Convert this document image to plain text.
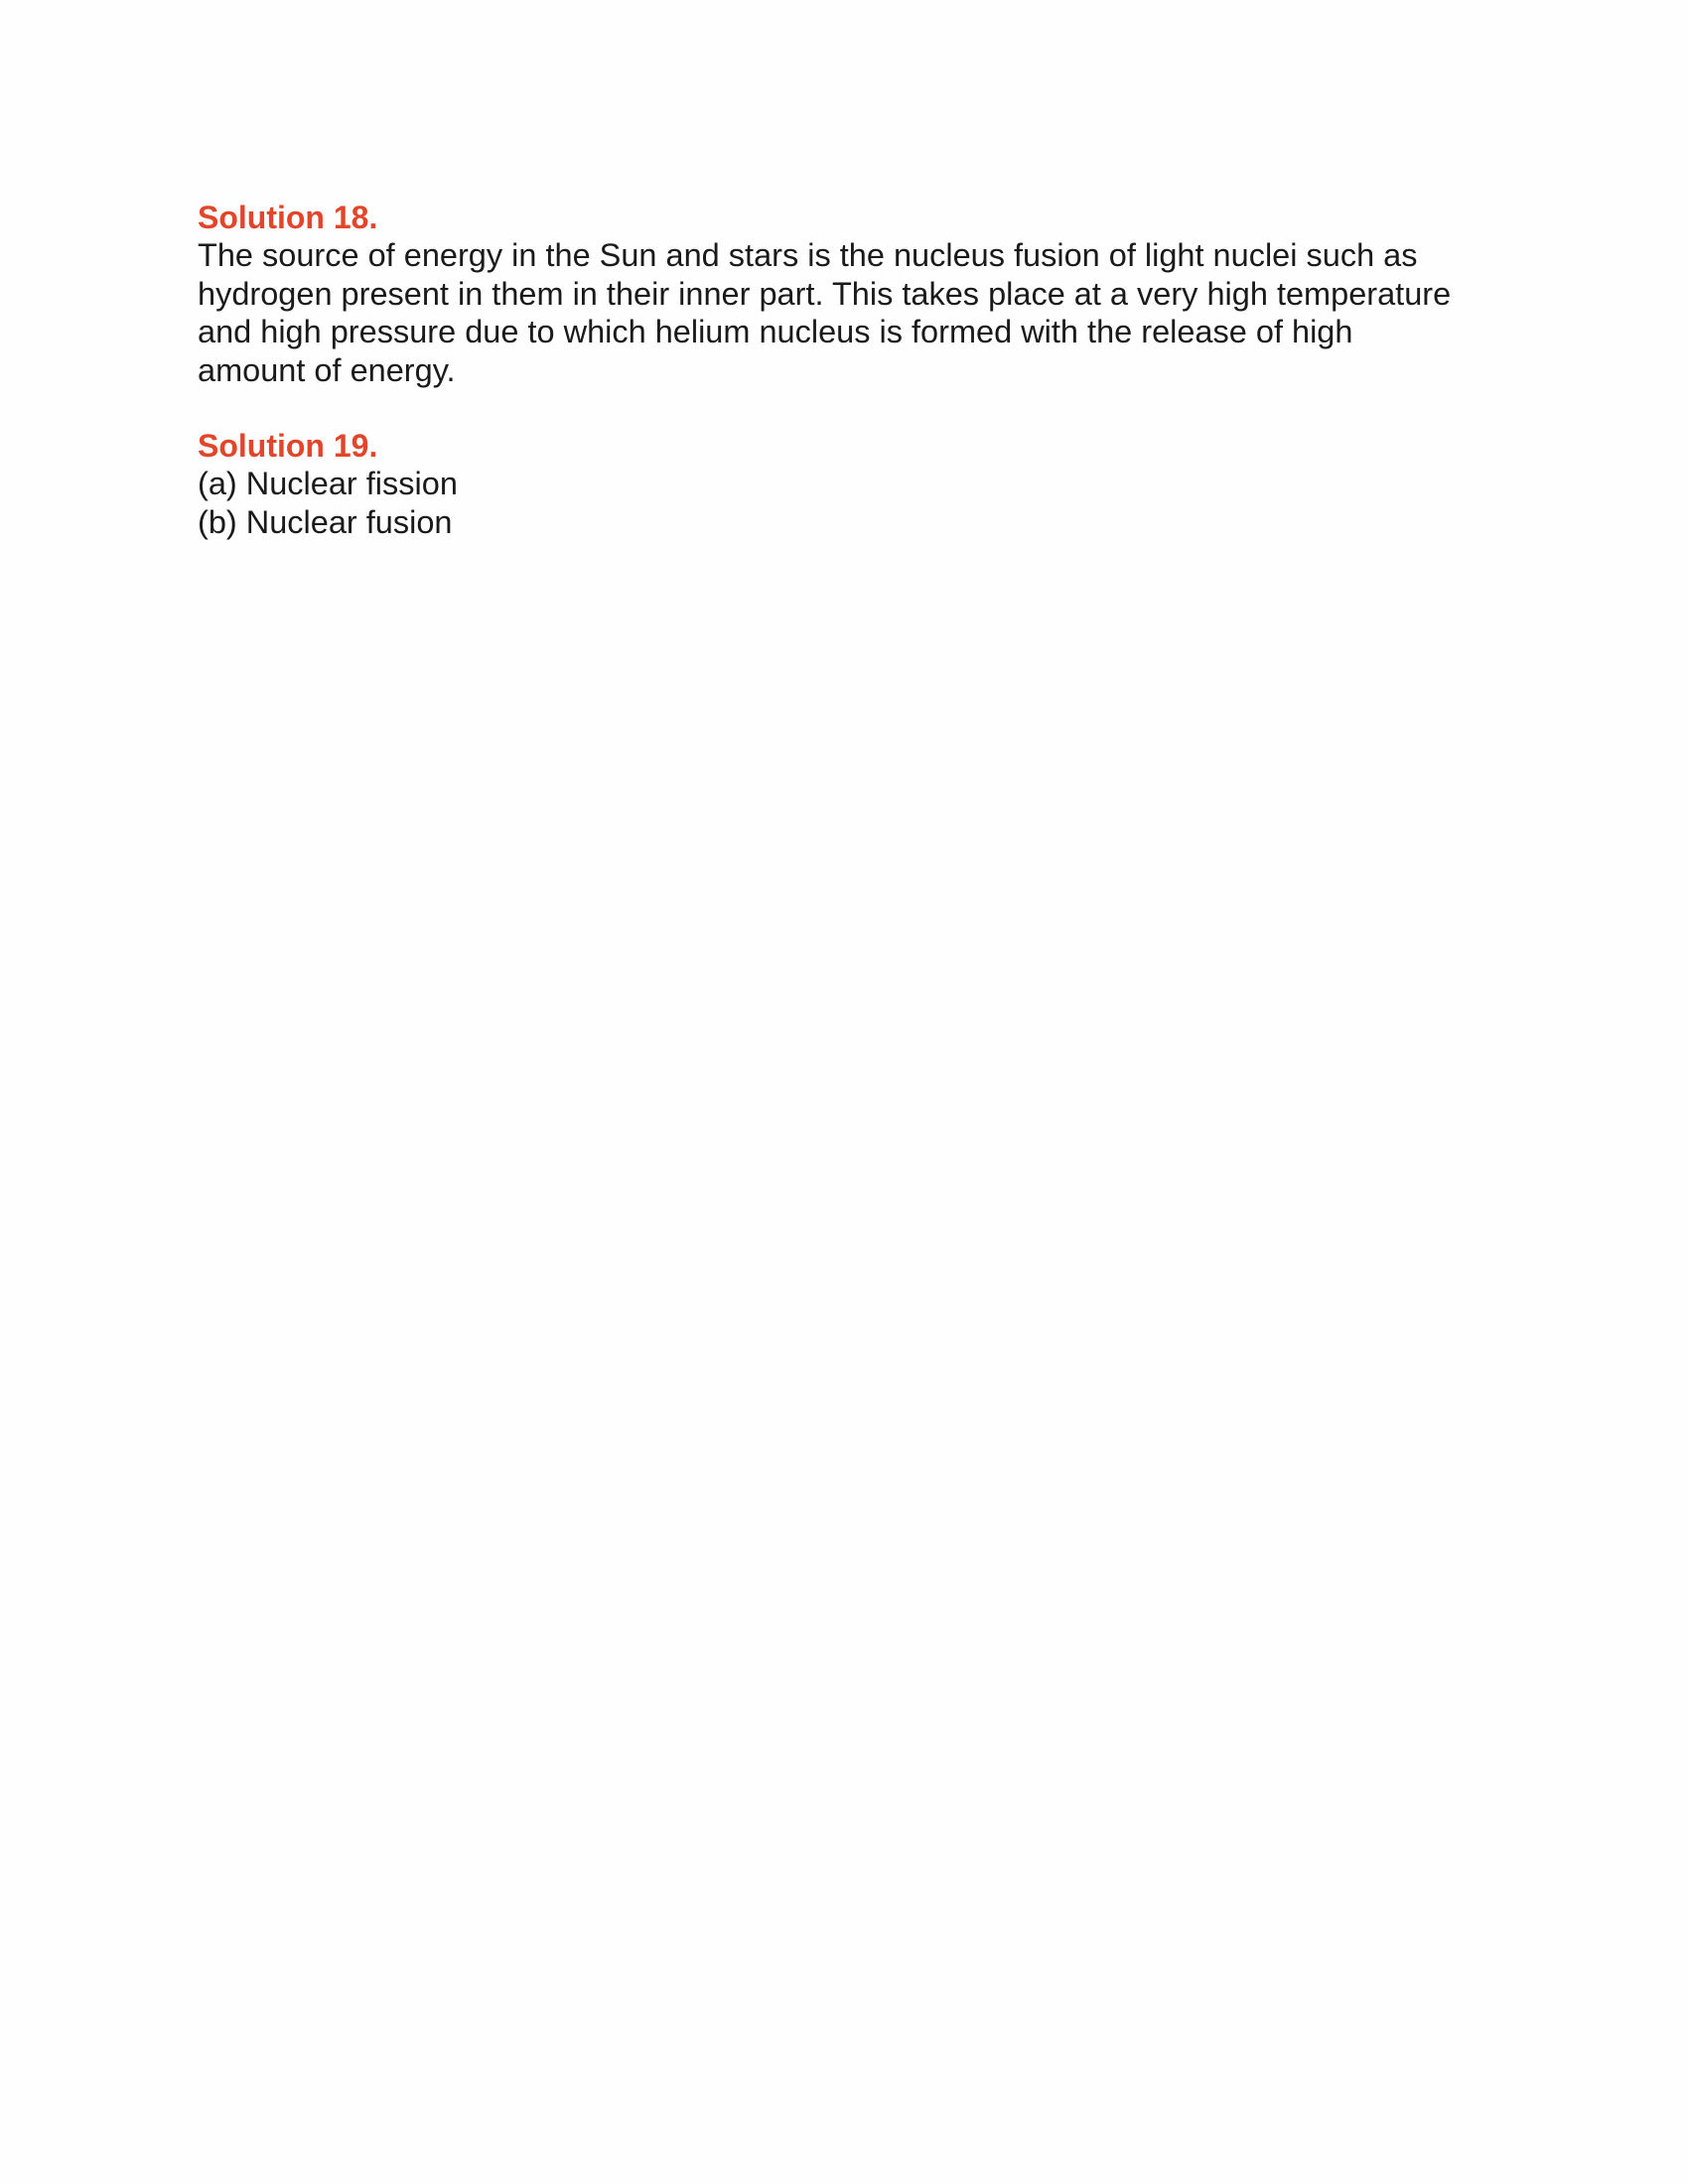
Solution 18.
The source of energy in the Sun and stars is the nucleus fusion of light nuclei such as
hydrogen present in them in their inner part. This takes place at a very high temperature
and high pressure due to which helium nucleus is formed with the release of high
amount of energy.
Solution 19.
(a) Nuclear fission
(b) Nuclear fusion
